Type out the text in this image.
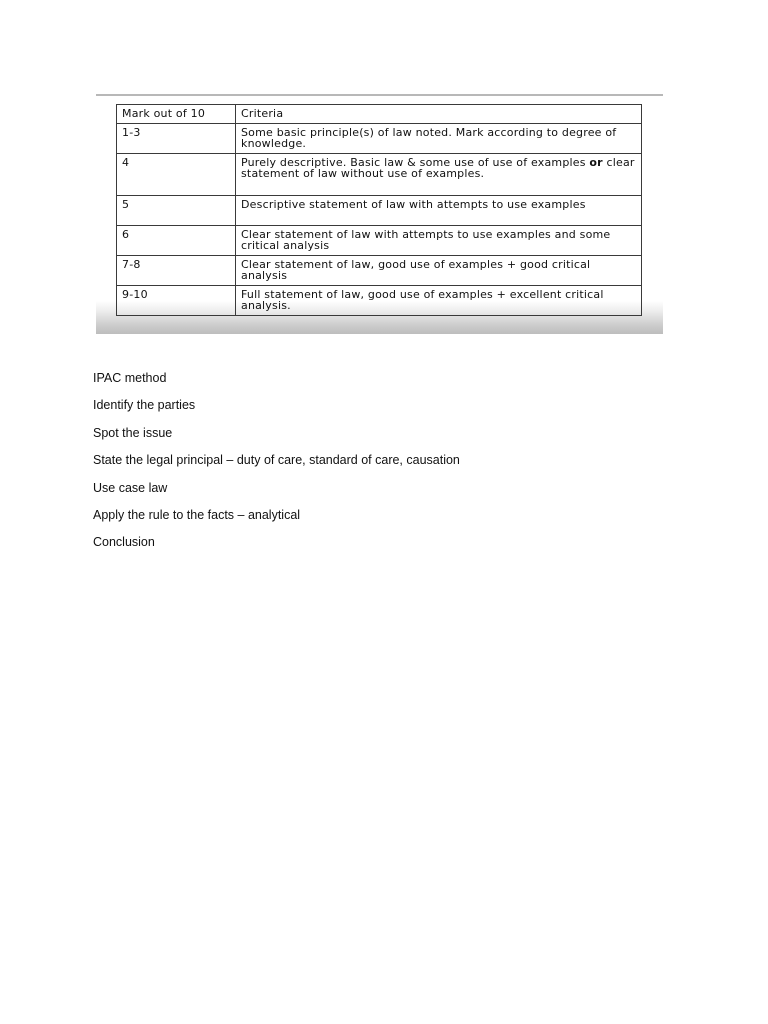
Mark out of 10	Criteria
1-3	Some basic principle(s) of law noted. Mark according to degree of knowledge.
4	Purely descriptive. Basic law & some use of use of examples or clear statement of law without use of examples.
5	Descriptive statement of law with attempts to use examples
6	Clear statement of law with attempts to use examples and some critical analysis
7-8	Clear statement of law, good use of examples + good critical analysis
9-10	Full statement of law, good use of examples + excellent critical analysis.

IPAC method

Identify the parties

Spot the issue

State the legal principal – duty of care, standard of care, causation

Use case law

Apply the rule to the facts – analytical

Conclusion
